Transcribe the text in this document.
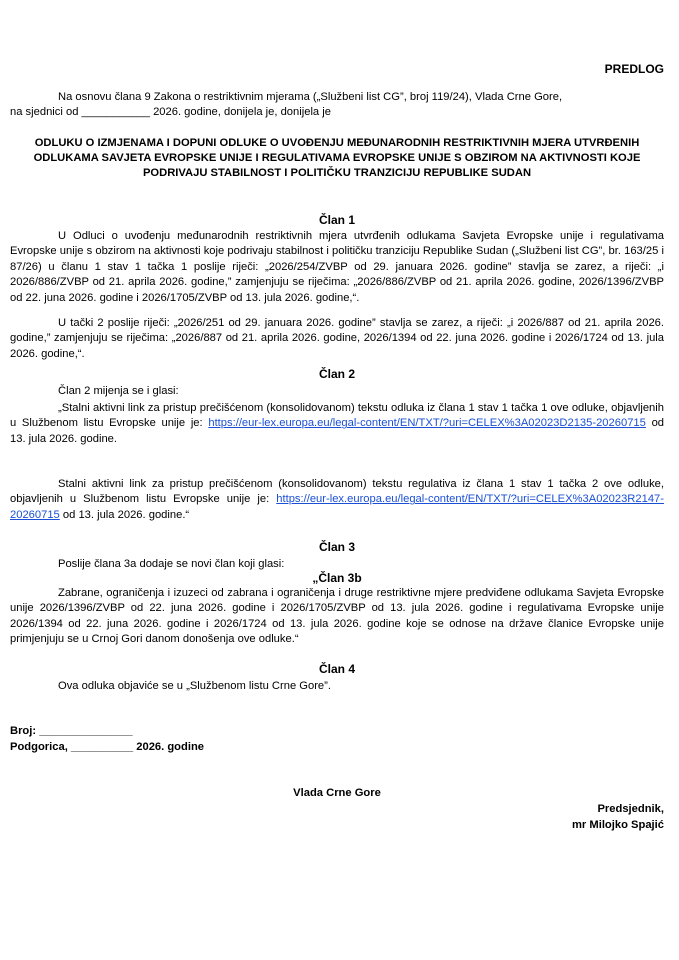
PREDLOG
Na osnovu člana 9 Zakona o restriktivnim mjerama („Službeni list CG”, broj 119/24), Vlada Crne Gore,
na sjednici od ___________ 2026. godine, donijela je, donijela je
ODLUKU O IZMJENAMA I DOPUNI ODLUKE O UVOĐENJU MEĐUNARODNIH RESTRIKTIVNIH MJERA UTVRĐENIH ODLUKAMA SAVJETA EVROPSKE UNIJE I REGULATIVAMA EVROPSKE UNIJE S OBZIROM NA AKTIVNOSTI KOJE PODRIVAJU STABILNOST I POLITIČKU TRANZICIJU REPUBLIKE SUDAN
Član 1
U Odluci o uvođenju međunarodnih restriktivnih mjera utvrđenih odlukama Savjeta Evropske unije i regulativama Evropske unije s obzirom na aktivnosti koje podrivaju stabilnost i političku tranziciju Republike Sudan („Službeni list CG”, br. 163/25 i 87/26) u članu 1 stav 1 tačka 1 poslije riječi: „2026/254/ZVBP od 29. januara 2026. godine” stavlja se zarez, a riječi: „i 2026/886/ZVBP od 21. aprila 2026. godine,” zamjenjuju se riječima: „2026/886/ZVBP od 21. aprila 2026. godine, 2026/1396/ZVBP od 22. juna 2026. godine i 2026/1705/ZVBP od 13. jula 2026. godine,“.
U tački 2 poslije riječi: „2026/251 od 29. januara 2026. godine” stavlja se zarez, a riječi: „i 2026/887 od 21. aprila 2026. godine,” zamjenjuju se riječima: „2026/887 od 21. aprila 2026. godine, 2026/1394 od 22. juna 2026. godine i 2026/1724 od 13. jula 2026. godine,“.
Član 2
Član 2 mijenja se i glasi:
„Stalni aktivni link za pristup prečišćenom (konsolidovanom) tekstu odluka iz člana 1 stav 1 tačka 1 ove odluke, objavljenih u Službenom listu Evropske unije je: https://eur-lex.europa.eu/legal-content/EN/TXT/?uri=CELEX%3A02023D2135-20260715 od 13. jula 2026. godine.
Stalni aktivni link za pristup prečišćenom (konsolidovanom) tekstu regulativa iz člana 1 stav 1 tačka 2 ove odluke, objavljenih u Službenom listu Evropske unije je: https://eur-lex.europa.eu/legal-content/EN/TXT/?uri=CELEX%3A02023R2147-20260715 od 13. jula 2026. godine.“
Član 3
Poslije člana 3a dodaje se novi član koji glasi:
„Član 3b
Zabrane, ograničenja i izuzeci od zabrana i ograničenja i druge restriktivne mjere predviđene odlukama Savjeta Evropske unije 2026/1396/ZVBP od 22. juna 2026. godine i 2026/1705/ZVBP od 13. jula 2026. godine i regulativama Evropske unije 2026/1394 od 22. juna 2026. godine i 2026/1724 od 13. jula 2026. godine koje se odnose na države članice Evropske unije primjenjuju se u Crnoj Gori danom donošenja ove odluke.“
Član 4
Ova odluka objaviće se u „Službenom listu Crne Gore”.
Broj: _______________
Podgorica, __________ 2026. godine
Vlada Crne Gore
Predsjednik,
mr Milojko Spajić
